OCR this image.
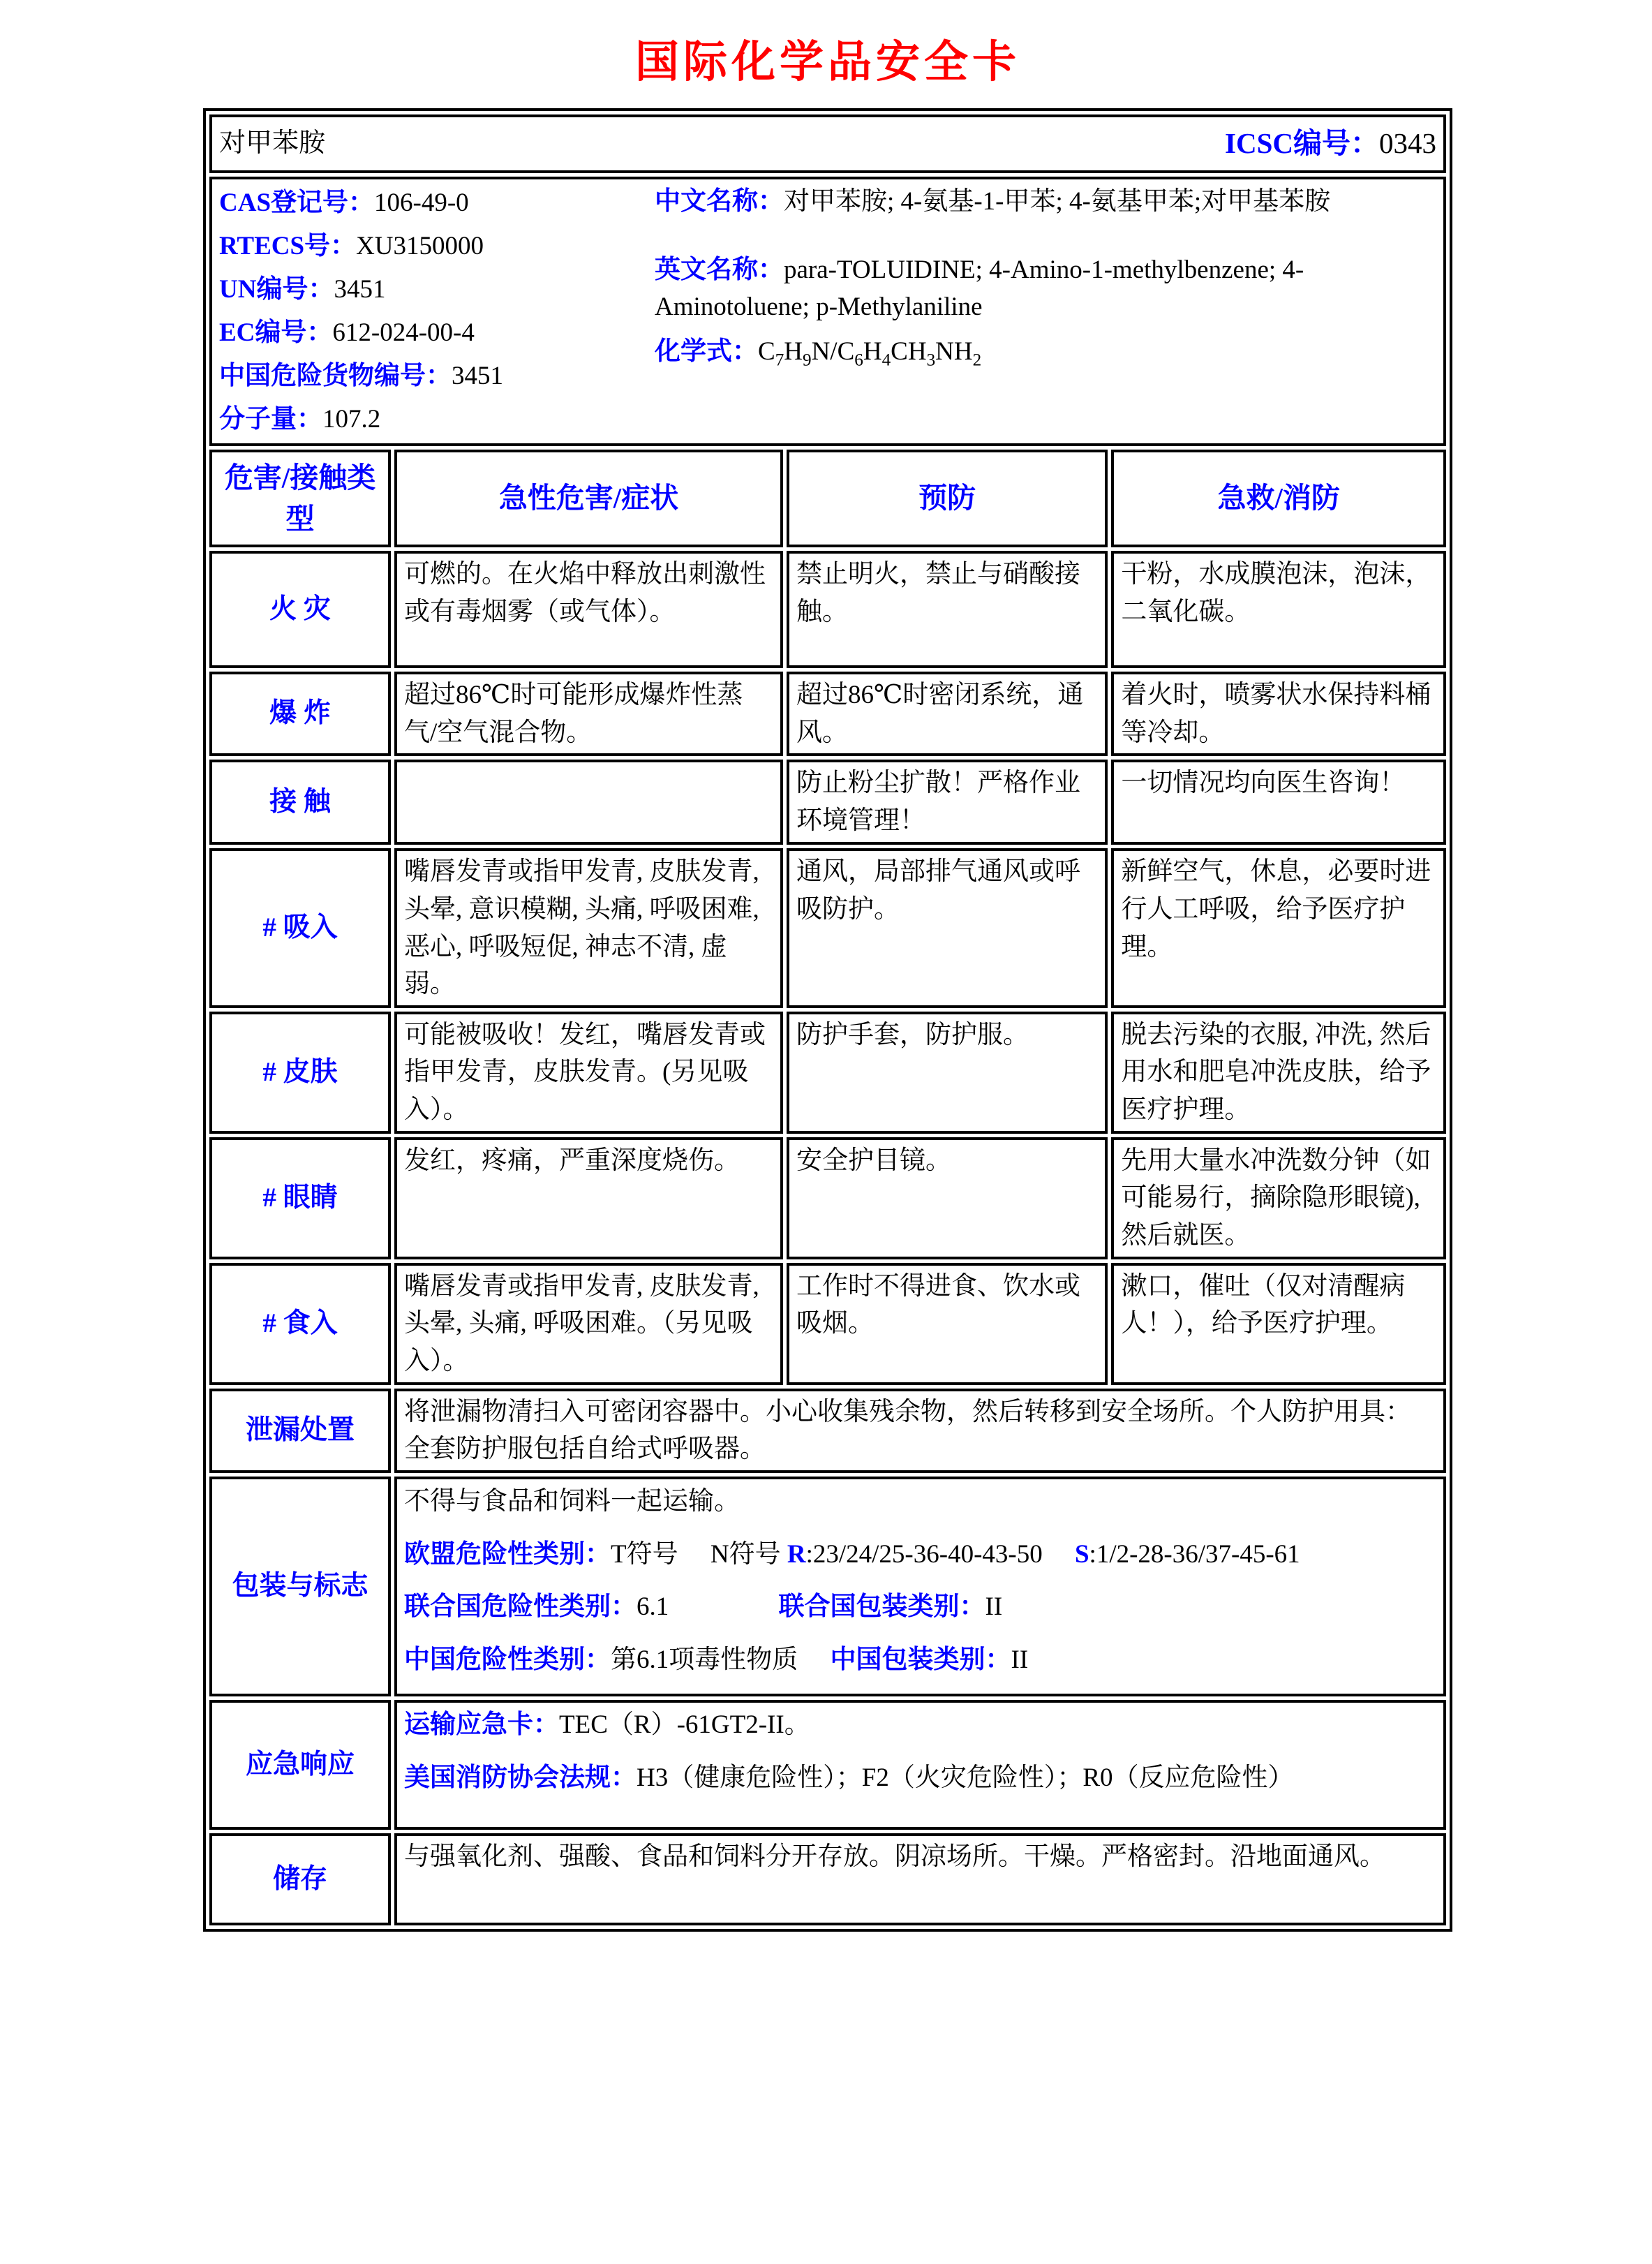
国际化学品安全卡
对甲苯胺 ICSC编号：0343			

CAS登记号：106-49-0
RTECS号：XU3150000
UN编号：3451
EC编号：612-024-00-4
中国危险货物编号：3451
分子量：107.2
中文名称：对甲苯胺; 4-氨基-1-甲苯; 4-氨基甲苯;对甲基苯胺
英文名称：para-TOLUIDINE; 4-Amino-1-methylbenzene; 4-Aminotoluene; p-Methylaniline
化学式：$C_7H_9N/C_6H_4CH_3NH_2$

危害/接触类型	急性危害/症状	预防	急救/消防
火 灾	可燃的。在火焰中释放出刺激性或有毒烟雾（或气体）。	禁止明火，禁止与硝酸接触。	干粉，水成膜泡沫，泡沫，二氧化碳。
爆 炸	超过86℃时可能形成爆炸性蒸气/空气混合物。	超过86℃时密闭系统，通风。	着火时，喷雾状水保持料桶等冷却。
接 触		防止粉尘扩散！严格作业环境管理！	一切情况均向医生咨询！
# 吸入	嘴唇发青或指甲发青, 皮肤发青, 头晕, 意识模糊, 头痛, 呼吸困难, 恶心, 呼吸短促, 神志不清, 虚弱。	通风，局部排气通风或呼吸防护。	新鲜空气，休息，必要时进行人工呼吸，给予医疗护理。
# 皮肤	可能被吸收！发红，嘴唇发青或指甲发青，皮肤发青。(另见吸入）。	防护手套，防护服。	脱去污染的衣服, 冲洗, 然后用水和肥皂冲洗皮肤，给予医疗护理。
# 眼睛	发红，疼痛，严重深度烧伤。	安全护目镜。	先用大量水冲洗数分钟（如可能易行，摘除隐形眼镜), 然后就医。
# 食入	嘴唇发青或指甲发青, 皮肤发青, 头晕, 头痛, 呼吸困难。（另见吸入）。	工作时不得进食、饮水或吸烟。	漱口，催吐（仅对清醒病人！），给予医疗护理。
泄漏处置	将泄漏物清扫入可密闭容器中。小心收集残余物，然后转移到安全场所。个人防护用具：全套防护服包括自给式呼吸器。		
包装与标志	不得与食品和饲料一起运输。
欧盟危险性类别：T符号　 N符号 R:23/24/25-36-40-43-50　 S:1/2-28-36/37-45-61
联合国危险性类别：6.1　　　　 联合国包装类别：II
中国危险性类别：第6.1项毒性物质　 中国包装类别：II		

应急响应	运输应急卡：TEC（R）-61GT2-II。
美国消防协会法规：H3（健康危险性）；F2（火灾危险性）；R0（反应危险性）		

储存	与强氧化剂、强酸、食品和饲料分开存放。阴凉场所。干燥。严格密封。沿地面通风。		
